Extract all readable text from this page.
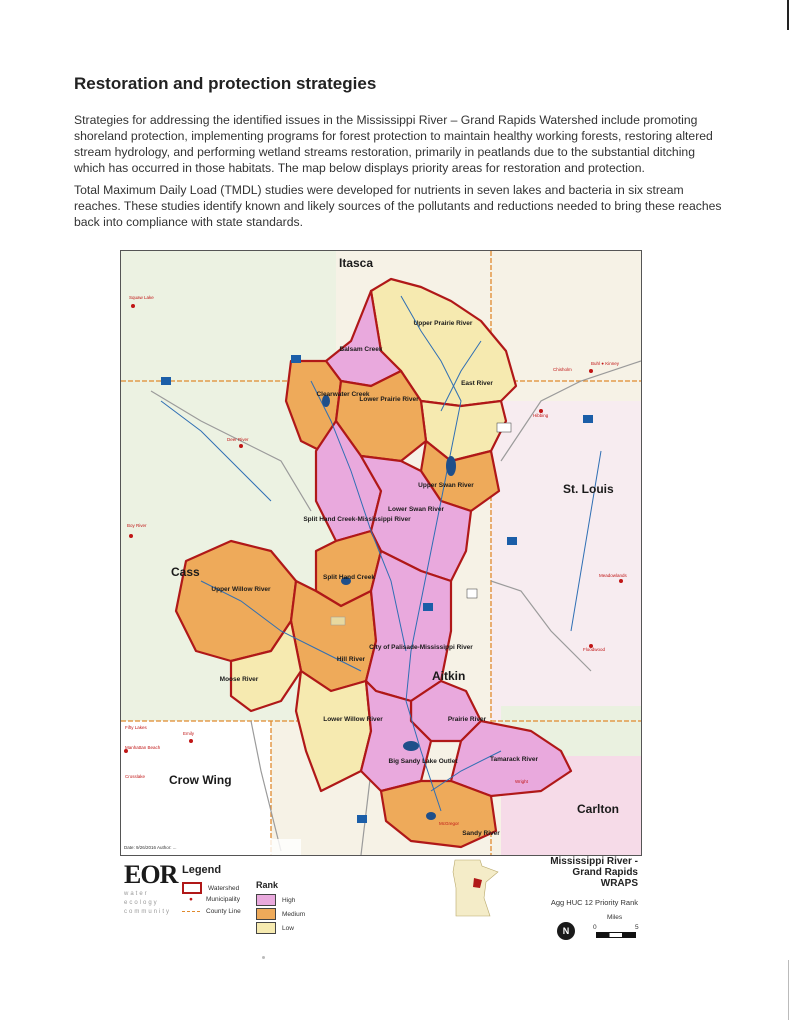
Restoration and protection strategies

Strategies for addressing the identified issues in the Mississippi River – Grand Rapids Watershed include promoting shoreland protection, implementing programs for forest protection to maintain healthy working forests, restoring altered stream hydrology, and performing wetland streams restoration, primarily in peatlands due to the substantial ditching which has occurred in those habitats. The map below displays priority areas for restoration and protection.

Total Maximum Daily Load (TMDL) studies were developed for nutrients in seven lakes and bacteria in six stream reaches. These studies identify known and likely sources of the pollutants and reductions needed to bring these reaches back into compliance with state standards.

Itasca
St. Louis
Cass
Aitkin
Crow Wing
Carlton
Upper Prairie River
Balsam Creek
East River
Clearwater Creek
Lower Prairie River
Upper Swan River
Lower Swan River
Split Hand Creek-Mississippi River
Split Hand Creek
Upper Willow River
Hill River
City of Palisade-Mississippi River
Moose River
Lower Willow River	Prairie River
Big Sandy Lake Outlet	Tamarack River
Sandy River
Squaw Lake
Buhl ● Kinney
Chisholm
Hibbing
Deer River
Boy River
Meadowlands
Floodwood
Fifty Lakes
Emily
Manhattan Beach
Crosslake
McGregor
Wright
Date: 9/26/2016 Author: ...
EOR
water
ecology
community
Legend
Watershed
●	Municipality
County Line
Rank
High
Medium
Low
Mississippi River -
Grand Rapids
WRAPS
Agg HUC 12 Priority Rank
N
Miles
0	5
